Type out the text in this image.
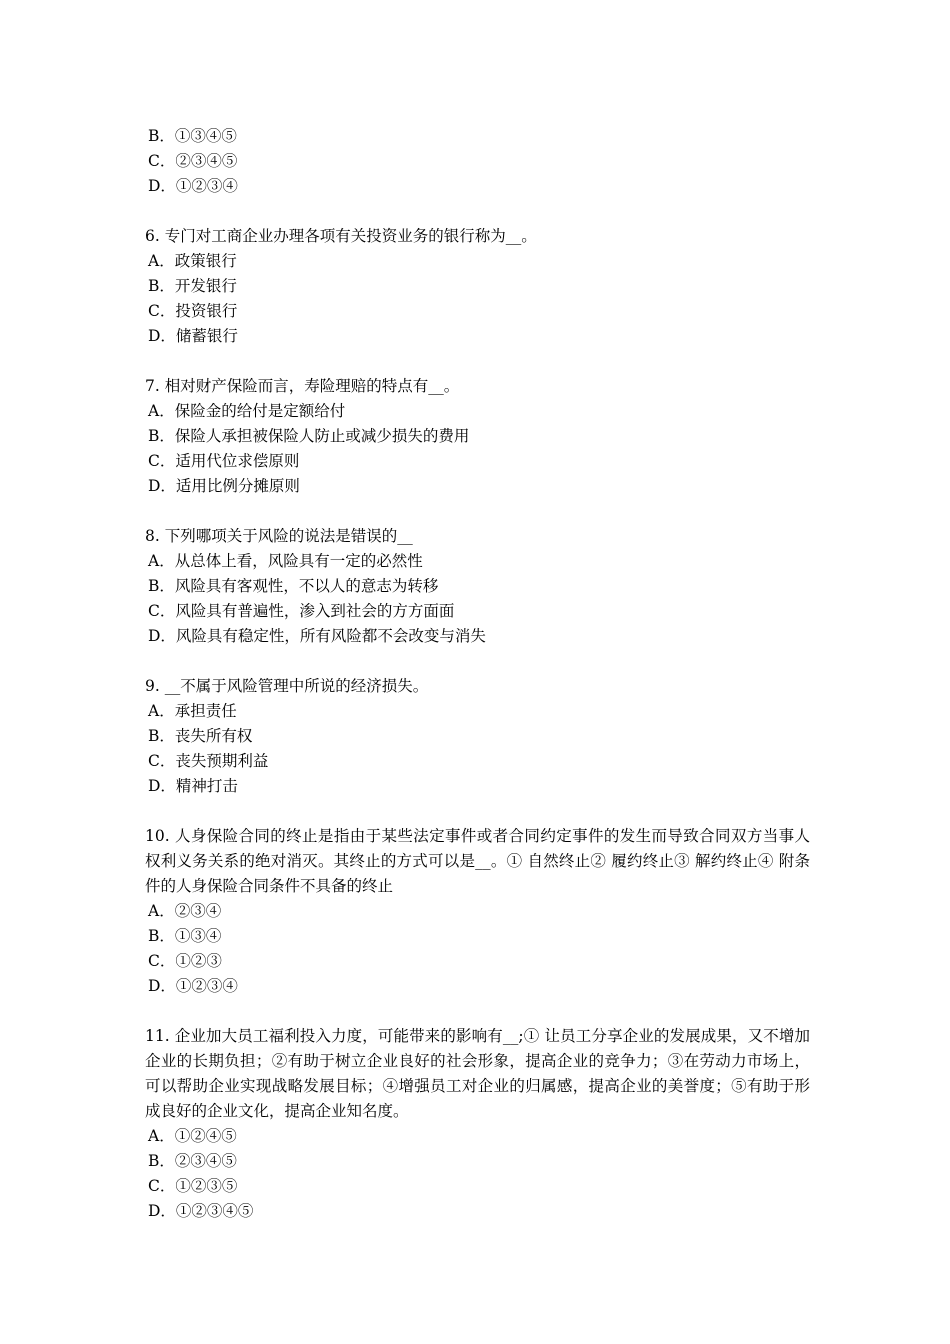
B．①③④⑤
C．②③④⑤
D．①②③④
6. 专门对工商企业办理各项有关投资业务的银行称为__。
A．政策银行
B．开发银行
C．投资银行
D．储蓄银行
7. 相对财产保险而言，寿险理赔的特点有__。
A．保险金的给付是定额给付
B．保险人承担被保险人防止或减少损失的费用
C．适用代位求偿原则
D．适用比例分摊原则
8. 下列哪项关于风险的说法是错误的__
A．从总体上看，风险具有一定的必然性
B．风险具有客观性，不以人的意志为转移
C．风险具有普遍性，渗入到社会的方方面面
D．风险具有稳定性，所有风险都不会改变与消失
9. __不属于风险管理中所说的经济损失。
A．承担责任
B．丧失所有权
C．丧失预期利益
D．精神打击
10. 人身保险合同的终止是指由于某些法定事件或者合同约定事件的发生而导致合同双方当事人权利义务关系的绝对消灭。其终止的方式可以是__。① 自然终止② 履约终止③ 解约终止④ 附条件的人身保险合同条件不具备的终止
A．②③④
B．①③④
C．①②③
D．①②③④
11. 企业加大员工福利投入力度，可能带来的影响有__;① 让员工分享企业的发展成果，又不增加企业的长期负担；②有助于树立企业良好的社会形象，提高企业的竞争力；③在劳动力市场上，可以帮助企业实现战略发展目标；④增强员工对企业的归属感，提高企业的美誉度；⑤有助于形成良好的企业文化，提高企业知名度。
A．①②④⑤
B．②③④⑤
C．①②③⑤
D．①②③④⑤
